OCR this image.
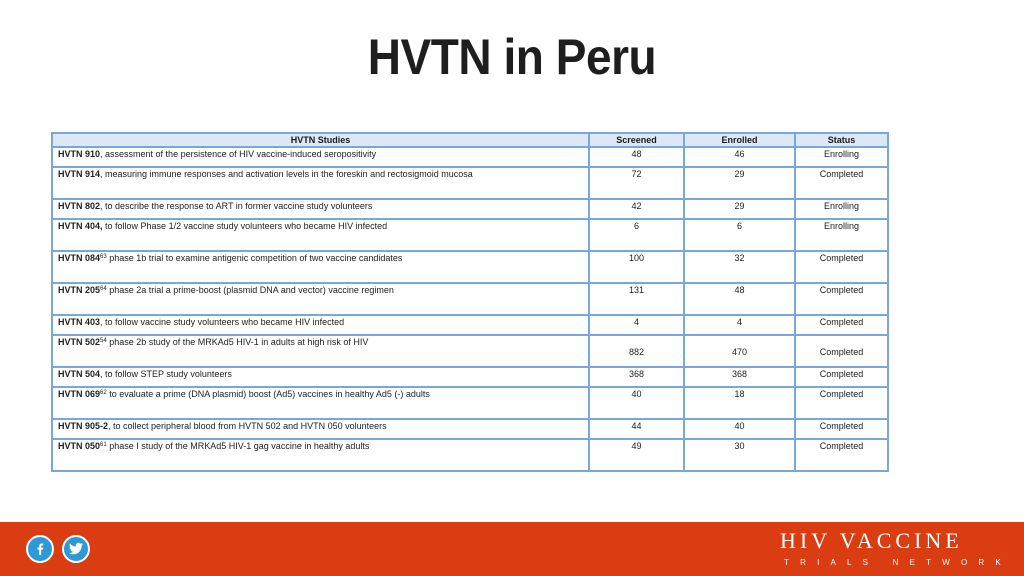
HVTN in Peru
HVTN Studies	Screened	Enrolled	Status
HVTN 910, assessment of the persistence of HIV vaccine-induced seropositivity	48	46	Enrolling
HVTN 914, measuring immune responses and activation levels in the foreskin and rectosigmoid mucosa	72	29	Completed
HVTN 802, to describe the response to ART in former vaccine study volunteers	42	29	Enrolling
HVTN 404, to follow Phase 1/2 vaccine study volunteers who became HIV infected	6	6	Enrolling
HVTN $084^{63}$ phase 1b trial to examine antigenic competition of two vaccine candidates	100	32	Completed
HVTN $205^{64}$ phase 2a trial a prime-boost (plasmid DNA and vector) vaccine regimen	131	48	Completed
HVTN 403, to follow vaccine study volunteers who became HIV infected	4	4	Completed
HVTN $502^{54}$ phase 2b study of the MRKAd5 HIV-1 in adults at high risk of HIV	882	470	Completed
HVTN 504, to follow STEP study volunteers	368	368	Completed
HVTN $069^{62}$ to evaluate a prime (DNA plasmid) boost (Ad5) vaccines in healthy Ad5 (-) adults	40	18	Completed
HVTN 905-2, to collect peripheral blood from HVTN 502 and HVTN 050 volunteers	44	40	Completed
HVTN $050^{61}$ phase I study of the MRKAd5 HIV-1 gag vaccine in healthy adults	49	30	Completed
HIV VACCINE
TRIALS NETWORK
